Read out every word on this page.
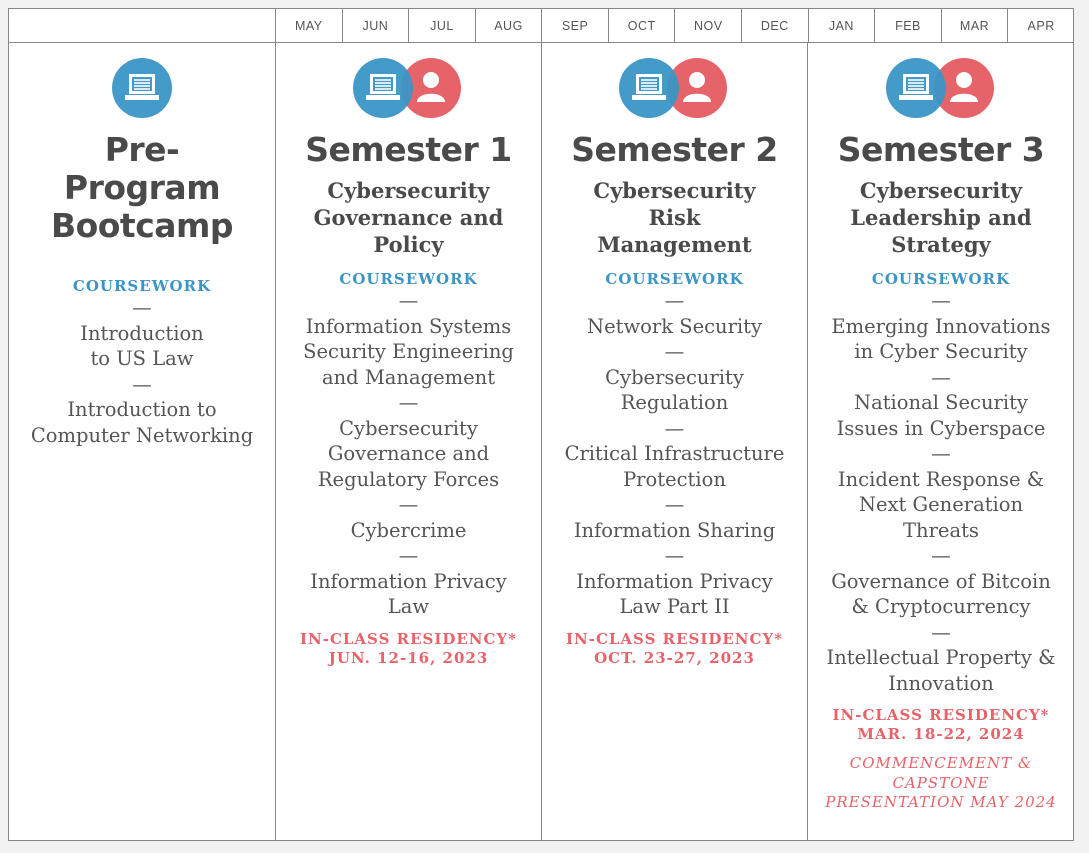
MAY	JUN	JUL	AUG	SEP	OCT	NOV	DEC	JAN	FEB	MAR	APR
Pre-
Program
Bootcamp
COURSEWORK
—
Introduction
to US Law
—
Introduction to
Computer Networking
Semester 1
Cybersecurity
Governance and
Policy
COURSEWORK
—
Information Systems
Security Engineering
and Management
—
Cybersecurity
Governance and
Regulatory Forces
—
Cybercrime
—
Information Privacy
Law
IN-CLASS RESIDENCY*
JUN. 12-16, 2023
Semester 2
Cybersecurity
Risk
Management
COURSEWORK
—
Network Security
—
Cybersecurity
Regulation
—
Critical Infrastructure
Protection
—
Information Sharing
—
Information Privacy
Law Part II
IN-CLASS RESIDENCY*
OCT. 23-27, 2023
Semester 3
Cybersecurity
Leadership and
Strategy
COURSEWORK
—
Emerging Innovations
in Cyber Security
—
National Security
Issues in Cyberspace
—
Incident Response &
Next Generation
Threats
—
Governance of Bitcoin
& Cryptocurrency
—
Intellectual Property &
Innovation
IN-CLASS RESIDENCY*
MAR. 18-22, 2024
COMMENCEMENT &
CAPSTONE
PRESENTATION MAY 2024
